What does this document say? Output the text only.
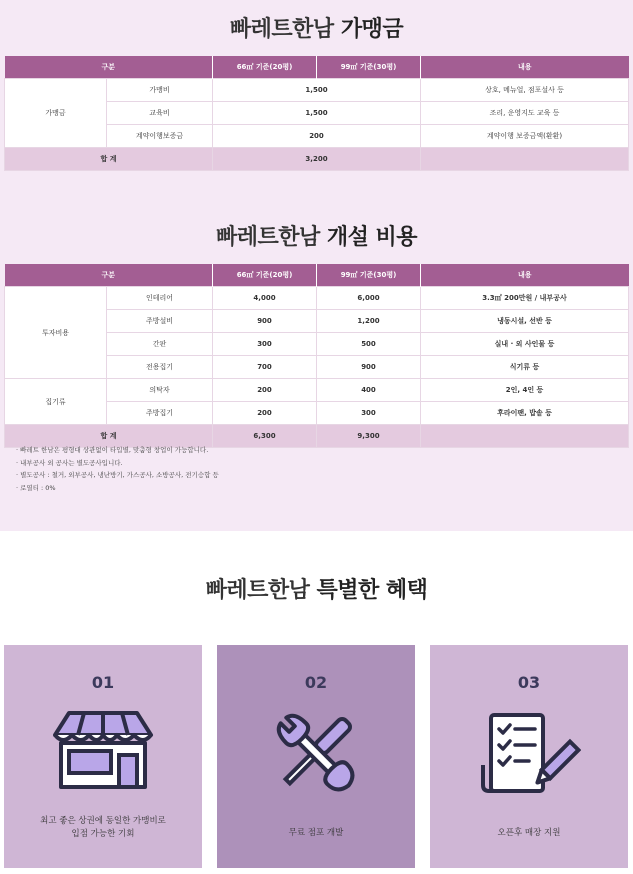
빠레트한남 가맹금
구분		66㎡ 기준(20평)	99㎡ 기준(30평)	내용
가맹금	가맹비	1,500		상호, 메뉴얼, 점포설사 등
	교육비	1,500		조리, 운영지도 교육 등
	계약이행보증금	200		계약이행 보증금액(환환)
합 계		3,200		
빠레트한남 개설 비용
구분		66㎡ 기준(20평)	99㎡ 기준(30평)	내용
투자비용	인테리어	4,000	6,000	3.3㎡ 200만원 / 내부공사
	주방설비	900	1,200	냉동시설, 선반 등
	간판	300	500	실내 · 외 사인물 등
	전용집기	700	900	식기류 등
집기류	의탁자	200	400	2인, 4인 등
	주방집기	200	300	후라이팬, 밥솥 등
합 계		6,300	9,300	
· 빠레트 한남은 평형대 상관없이 타입별, 맞춤형 창업이 가능합니다.
· 내부공사 외 공사는 별도공사입니다.
· 별도공사 : 철거, 외부공사, 냉난방기, 가스공사, 소방공사, 전기승합 등
· 로열티 : 0%
빠레트한남 특별한 혜택
01
최고 좋은 상권에 동일한 가맹비로
입점 가능한 기회
02
무료 점포 개발
03
오픈후 매장 지원
